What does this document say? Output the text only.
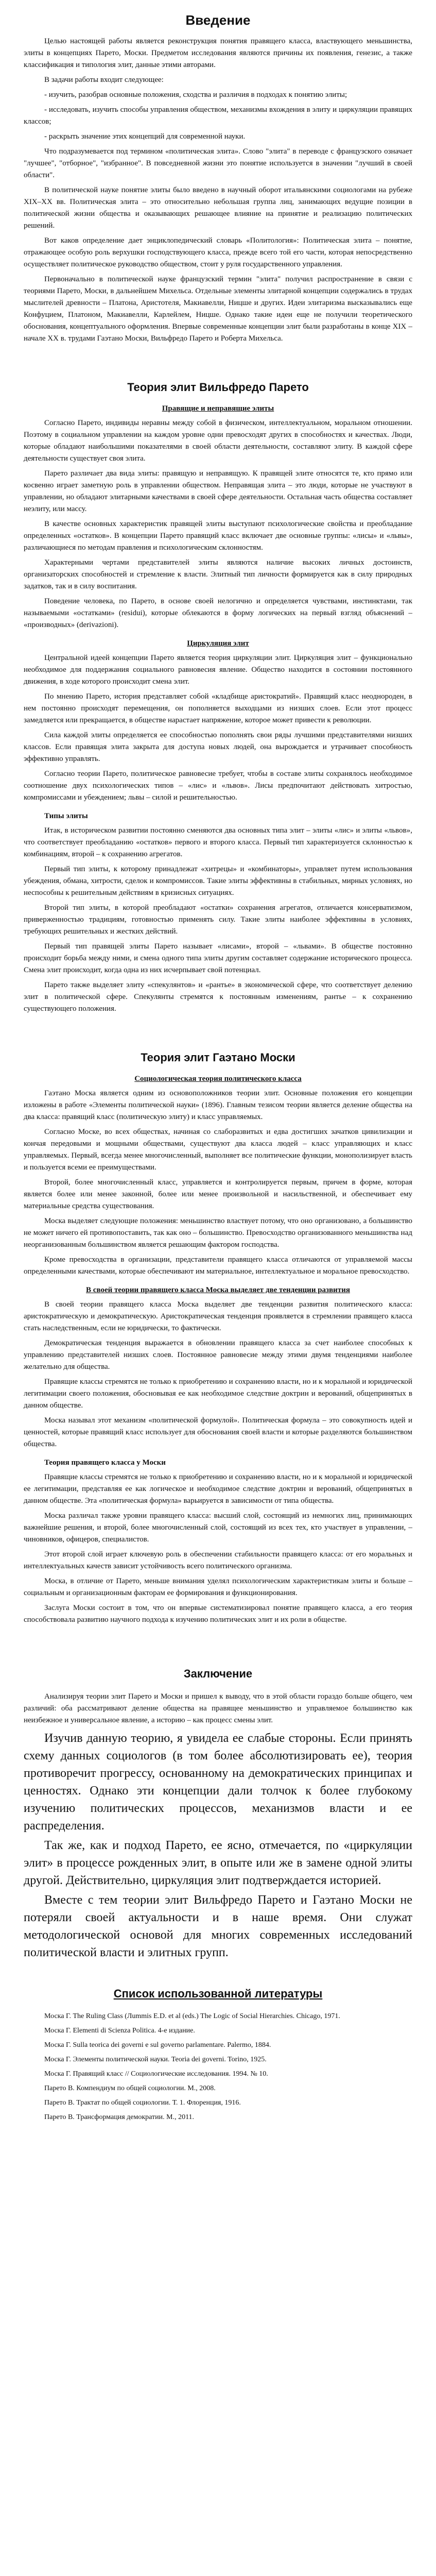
Введение

Целью настоящей работы является реконструкция понятия правящего класса, властвующего меньшинства, элиты в концепциях Парето, Моски. Предметом исследования являются причины их появления, генезис, а также классификация и типология элит, данные этими авторами.

В задачи работы входит следующее:

- изучить, разобрав основные положения, сходства и различия в подходах к понятию элиты;

- исследовать, изучить способы управления обществом, механизмы вхождения в элиту и циркуляции правящих классов;

- раскрыть значение этих концепций для современной науки.

Что подразумевается под термином «политическая элита». Слово "элита" в переводе с французского означает "лучшее", "отборное", "избранное". В повседневной жизни это понятие используется в значении "лучший в своей области".

В политической науке понятие элиты было введено в научный оборот итальянскими социологами на рубеже XIX–XX вв. Политическая элита – это относительно небольшая группа лиц, занимающих ведущие позиции в политической жизни общества и оказывающих решающее влияние на принятие и реализацию политических решений.

Вот каков определение дает энциклопедический словарь «Политология»: Политическая элита – понятие, отражающее особую роль верхушки господствующего класса, прежде всего той его части, которая непосредственно осуществляет политическое руководство обществом, стоит у руля государственного управления.

Первоначально в политической науке французский термин "элита" получил распространение в связи с теориями Парето, Моски, в дальнейшем Михельса. Отдельные элементы элитарной концепции содержались в трудах мыслителей древности – Платона, Аристотеля, Макиавелли, Ницше и других. Идеи элитаризма высказывались еще Конфуцием, Платоном, Макиавелли, Карлейлем, Ницше. Однако такие идеи еще не получили теоретического обоснования, концептуального оформления. Впервые современные концепции элит были разработаны в конце XIX – начале XX в. трудами Гаэтано Моски, Вильфредо Парето и Роберта Михельса.

Теория элит Вильфредо Парето
Правящие и неправящие элиты

Согласно Парето, индивиды неравны между собой в физическом, интеллектуальном, моральном отношении. Поэтому в социальном управлении на каждом уровне одни превосходят других в способностях и качествах. Люди, которые обладают наибольшими показателями в своей области деятельности, составляют элиту. В каждой сфере деятельности существует своя элита.

Парето различает два вида элиты: правящую и неправящую. К правящей элите относятся те, кто прямо или косвенно играет заметную роль в управлении обществом. Неправящая элита – это люди, которые не участвуют в управлении, но обладают элитарными качествами в своей сфере деятельности. Остальная часть общества составляет неэлиту, или массу.

В качестве основных характеристик правящей элиты выступают психологические свойства и преобладание определенных «остатков». В концепции Парето правящий класс включает две основные группы: «лисы» и «львы», различающиеся по методам правления и психологическим склонностям.

Характерными чертами представителей элиты являются наличие высоких личных достоинств, организаторских способностей и стремление к власти. Элитный тип личности формируется как в силу природных задатков, так и в силу воспитания.

Поведение человека, по Парето, в основе своей нелогично и определяется чувствами, инстинктами, так называемыми «остатками» (residui), которые облекаются в форму логических на первый взгляд объяснений – «производных» (derivazioni).

Циркуляция элит

Центральной идеей концепции Парето является теория циркуляции элит. Циркуляция элит – функционально необходимое для поддержания социального равновесия явление. Общество находится в состоянии постоянного движения, в ходе которого происходит смена элит.

По мнению Парето, история представляет собой «кладбище аристократий». Правящий класс неоднороден, в нем постоянно происходят перемещения, он пополняется выходцами из низших слоев. Если этот процесс замедляется или прекращается, в обществе нарастает напряжение, которое может привести к революции.

Сила каждой элиты определяется ее способностью пополнять свои ряды лучшими представителями низших классов. Если правящая элита закрыта для доступа новых людей, она вырождается и утрачивает способность эффективно управлять.

Согласно теории Парето, политическое равновесие требует, чтобы в составе элиты сохранялось необходимое соотношение двух психологических типов – «лис» и «львов». Лисы предпочитают действовать хитростью, компромиссами и убеждением; львы – силой и решительностью.

Типы элиты

Итак, в историческом развитии постоянно сменяются два основных типа элит – элиты «лис» и элиты «львов», что соответствует преобладанию «остатков» первого и второго класса. Первый тип характеризуется склонностью к комбинациям, второй – к сохранению агрегатов.

Первый тип элиты, к которому принадлежат «хитрецы» и «комбинаторы», управляет путем использования убеждения, обмана, хитрости, сделок и компромиссов. Такие элиты эффективны в стабильных, мирных условиях, но неспособны к решительным действиям в кризисных ситуациях.

Второй тип элиты, в которой преобладают «остатки» сохранения агрегатов, отличается консерватизмом, приверженностью традициям, готовностью применять силу. Такие элиты наиболее эффективны в условиях, требующих решительных и жестких действий.

Первый тип правящей элиты Парето называет «лисами», второй – «львами». В обществе постоянно происходит борьба между ними, и смена одного типа элиты другим составляет содержание исторического процесса. Смена элит происходит, когда одна из них исчерпывает свой потенциал.

Парето также выделяет элиту «спекулянтов» и «рантье» в экономической сфере, что соответствует делению элит в политической сфере. Спекулянты стремятся к постоянным изменениям, рантье – к сохранению существующего положения.

Теория элит Гаэтано Моски
Социологическая теория политического класса

Гаэтано Моска является одним из основоположников теории элит. Основные положения его концепции изложены в работе «Элементы политической науки» (1896). Главным тезисом теории является деление общества на два класса: правящий класс (политическую элиту) и класс управляемых.

Согласно Моске, во всех обществах, начиная со слаборазвитых и едва достигших зачатков цивилизации и кончая передовыми и мощными обществами, существуют два класса людей – класс управляющих и класс управляемых. Первый, всегда менее многочисленный, выполняет все политические функции, монополизирует власть и пользуется всеми ее преимуществами.

Второй, более многочисленный класс, управляется и контролируется первым, причем в форме, которая является более или менее законной, более или менее произвольной и насильственной, и обеспечивает ему материальные средства существования.

Моска выделяет следующие положения: меньшинство властвует потому, что оно организовано, а большинство не может ничего ей противопоставить, так как оно – большинство. Превосходство организованного меньшинства над неорганизованным большинством является решающим фактором господства.

Кроме превосходства в организации, представители правящего класса отличаются от управляемой массы определенными качествами, которые обеспечивают им материальное, интеллектуальное и моральное превосходство.

В своей теории правящего класса Моска выделяет две тенденции развития

В своей теории правящего класса Моска выделяет две тенденции развития политического класса: аристократическую и демократическую. Аристократическая тенденция проявляется в стремлении правящего класса стать наследственным, если не юридически, то фактически.

Демократическая тенденция выражается в обновлении правящего класса за счет наиболее способных к управлению представителей низших слоев. Постоянное равновесие между этими двумя тенденциями наиболее желательно для общества.

Правящие классы стремятся не только к приобретению и сохранению власти, но и к моральной и юридической легитимации своего положения, обосновывая ее как необходимое следствие доктрин и верований, общепринятых в данном обществе.

Моска называл этот механизм «политической формулой». Политическая формула – это совокупность идей и ценностей, которые правящий класс использует для обоснования своей власти и которые разделяются большинством общества.

Теория правящего класса у Моски

Правящие классы стремятся не только к приобретению и сохранению власти, но и к моральной и юридической ее легитимации, представляя ее как логическое и необходимое следствие доктрин и верований, общепринятых в данном обществе. Эта «политическая формула» варьируется в зависимости от типа общества.

Моска различал также уровни правящего класса: высший слой, состоящий из немногих лиц, принимающих важнейшие решения, и второй, более многочисленный слой, состоящий из всех тех, кто участвует в управлении, – чиновников, офицеров, специалистов.

Этот второй слой играет ключевую роль в обеспечении стабильности правящего класса: от его моральных и интеллектуальных качеств зависит устойчивость всего политического организма.

Моска, в отличие от Парето, меньше внимания уделял психологическим характеристикам элиты и больше – социальным и организационным факторам ее формирования и функционирования.

Заслуга Моски состоит в том, что он впервые систематизировал понятие правящего класса, а его теория способствовала развитию научного подхода к изучению политических элит и их роли в обществе.

Заключение

Анализируя теории элит Парето и Моски и пришел к выводу, что в этой области гораздо больше общего, чем различий: оба рассматривают деление общества на правящее меньшинство и управляемое большинство как неизбежное и универсальное явление, а историю – как процесс смены элит.

Изучив данную теорию, я увидела ее слабые стороны. Если принять схему данных социологов (в том более абсолютизировать ее), теория противоречит прогрессу, основанному на демократических принципах и ценностях. Однако эти концепции дали толчок к более глубокому изучению политических процессов, механизмов власти и ее распределения.

Так же, как и подход Парето, ее ясно, отмечается, по «циркуляции элит» в процессе рожденных элит, в опыте или же в замене одной элиты другой. Действительно, циркуляция элит подтверждается историей.

Вместе с тем теории элит Вильфредо Парето и Гаэтано Моски не потеряли своей актуальности и в наше время. Они служат методологической основой для многих современных исследований политической власти и элитных групп.

Список использованной литературы

Моска Г. The Ruling Class (Лummis E.D. et al (eds.) The Logic of Social Hierarchies. Chicago, 1971.

Моска Г. Elementi di Scienza Politica. 4-е издание.

Моска Г. Sulla teorica dei governi e sul governo parlamentare. Palermo, 1884.

Моска Г. Элементы политической науки. Teoria dei governi. Torino, 1925.

Моска Г. Правящий класс // Социологические исследования. 1994. № 10.

Парето В. Компендиум по общей социологии. М., 2008.

Парето В. Трактат по общей социологии. Т. 1. Флоренция, 1916.

Парето В. Трансформация демократии. М., 2011.
